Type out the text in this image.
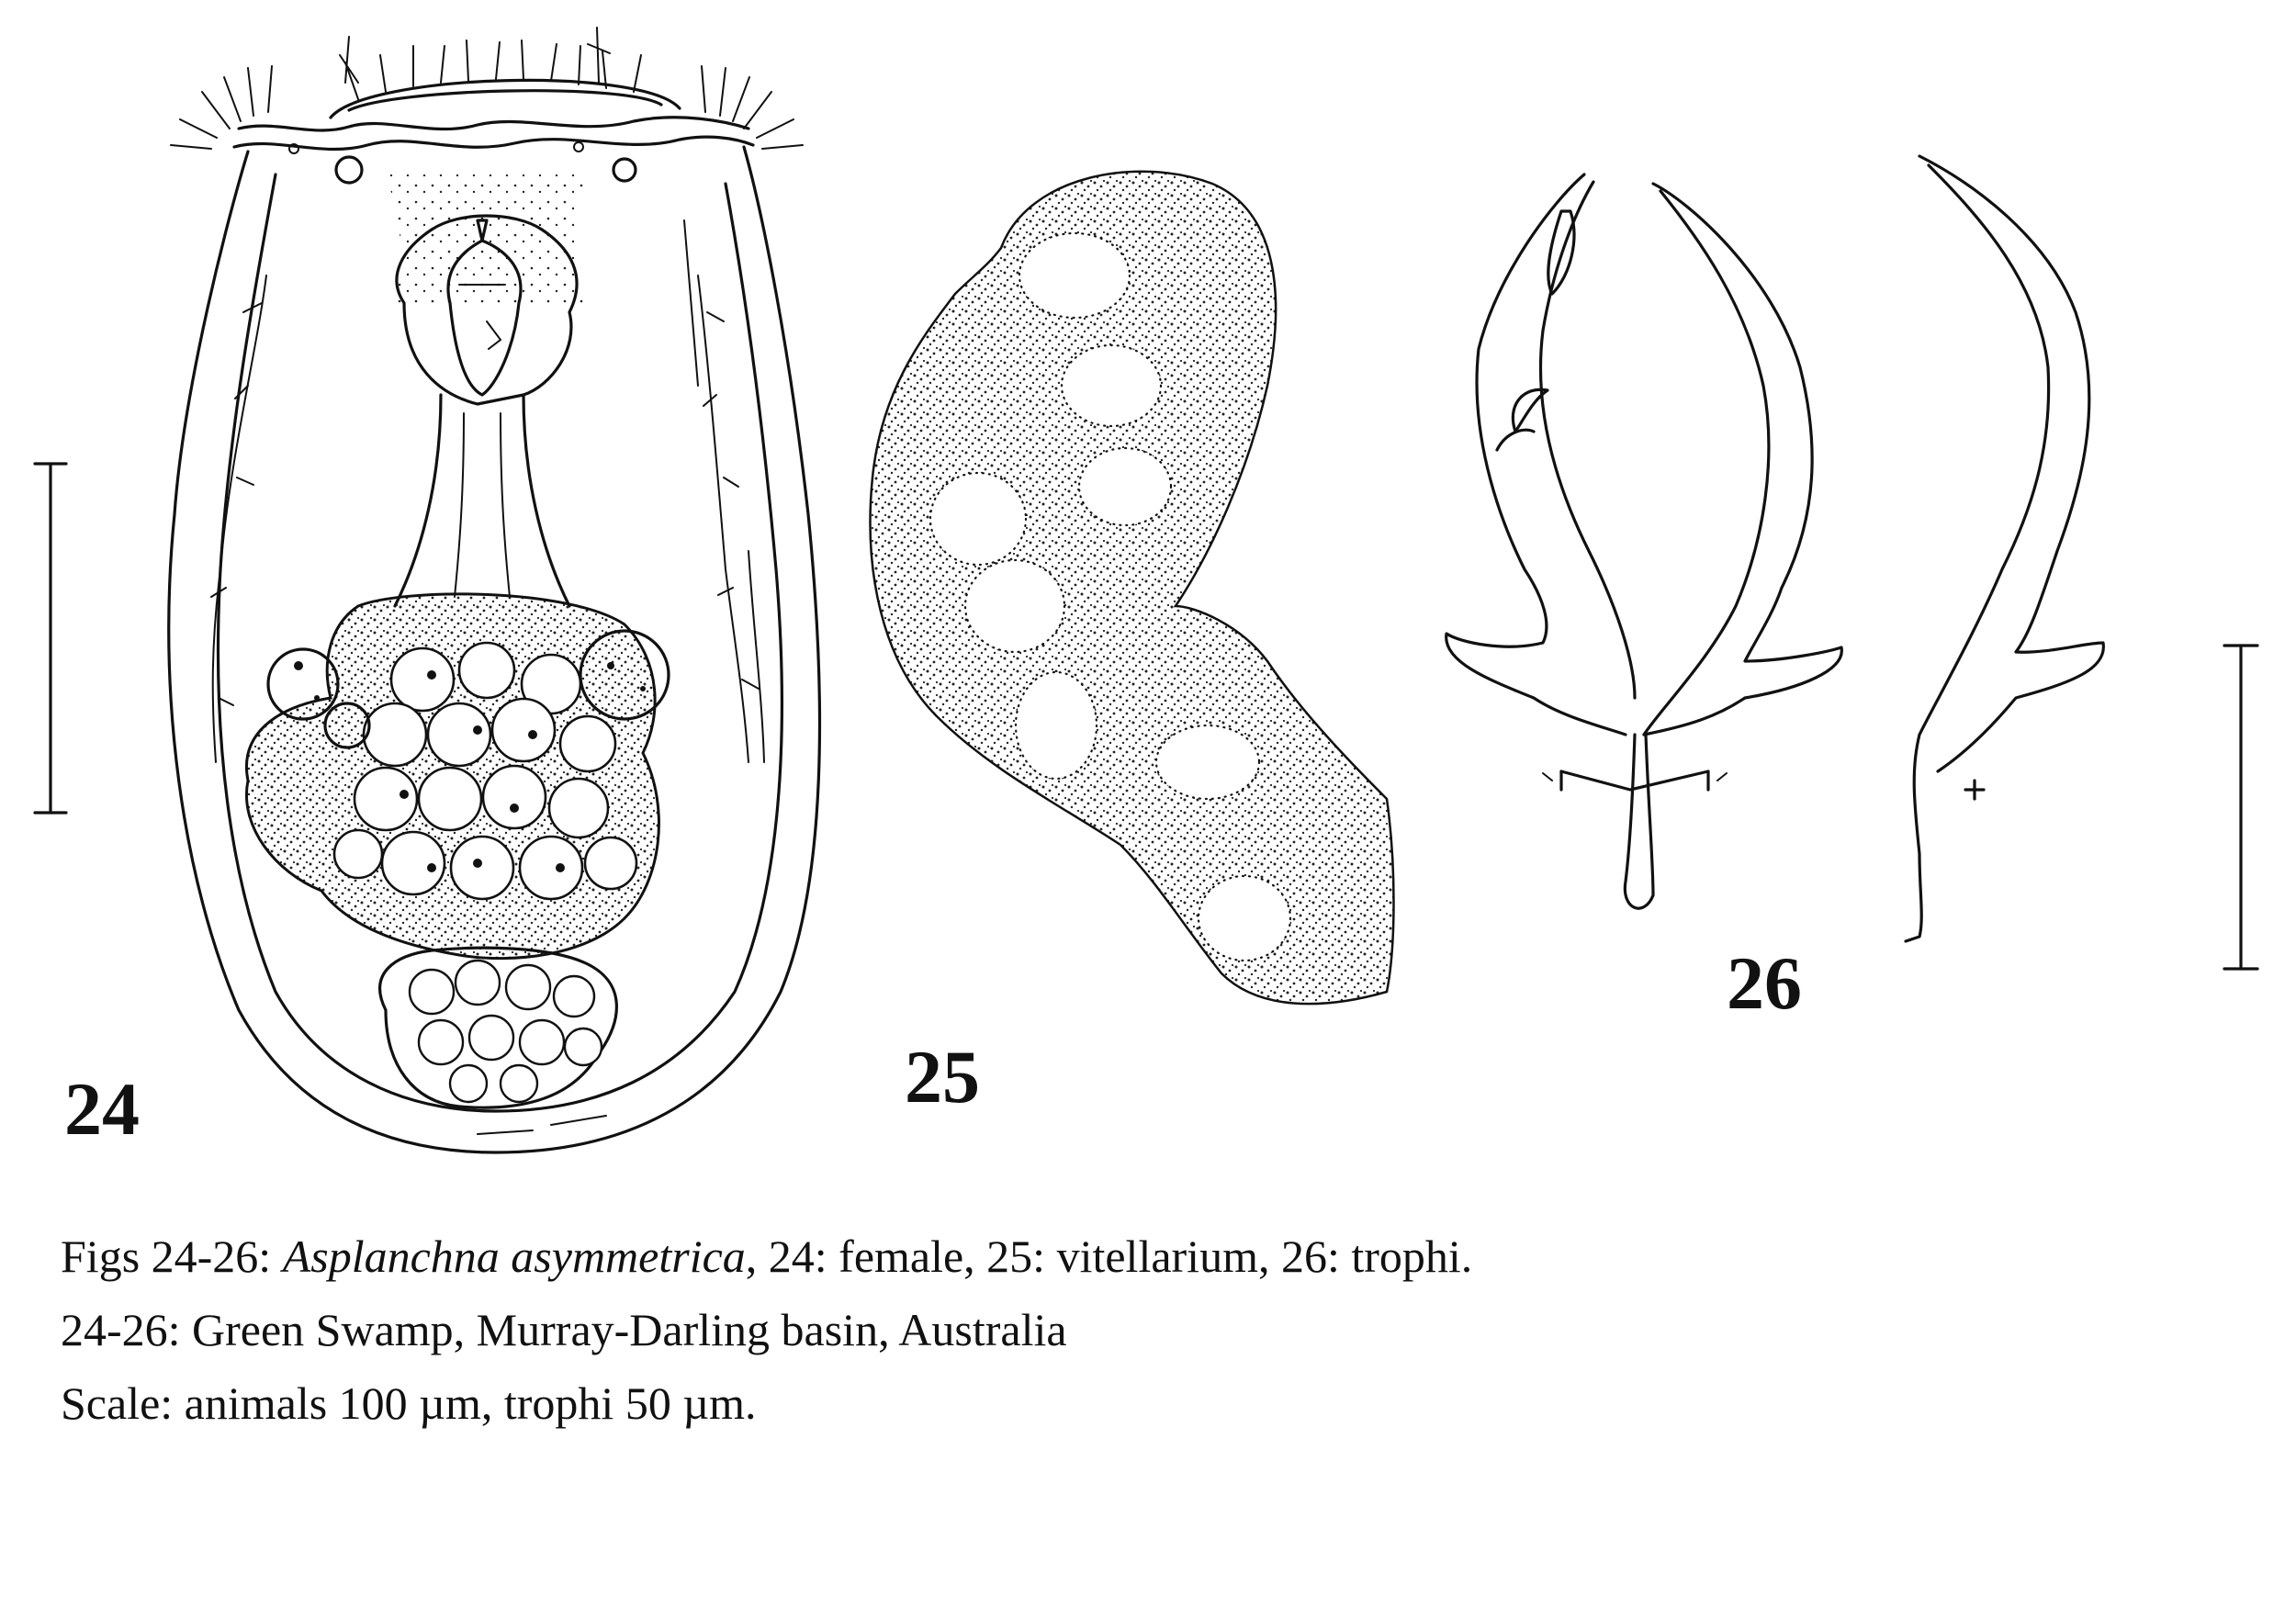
24	25
26
Figs 24-26: Asplanchna asymmetrica, 24: female, 25: vitellarium, 26: trophi.
24-26: Green Swamp, Murray-Darling basin, Australia
Scale: animals 100 µm, trophi 50 µm.
